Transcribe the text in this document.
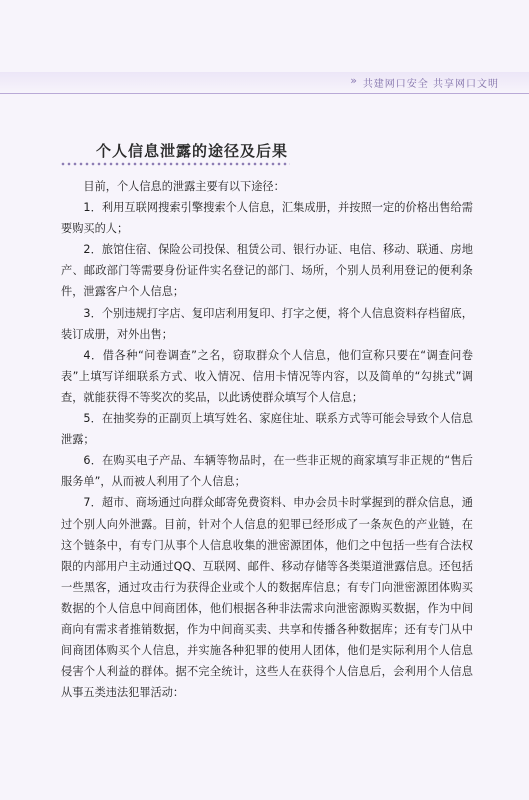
» 共建网口安全 共享网口文明
个人信息泄露的途径及后果

目前，个人信息的泄露主要有以下途径：

1．利用互联网搜索引擎搜索个人信息，汇集成册，并按照一定的价格出售给需要购买的人；

2．旅馆住宿、保险公司投保、租赁公司、银行办证、电信、移动、联通、房地产、邮政部门等需要身份证件实名登记的部门、场所，个别人员利用登记的便利条件，泄露客户个人信息；

3．个别违规打字店、复印店利用复印、打字之便，将个人信息资料存档留底，装订成册，对外出售；

4．借各种“问卷调查”之名，窃取群众个人信息，他们宣称只要在“调查问卷表”上填写详细联系方式、收入情况、信用卡情况等内容，以及简单的“勾挑式”调查，就能获得不等奖次的奖品，以此诱使群众填写个人信息；

5．在抽奖券的正副页上填写姓名、家庭住址、联系方式等可能会导致个人信息泄露；

6．在购买电子产品、车辆等物品时，在一些非正规的商家填写非正规的“售后服务单”，从而被人利用了个人信息；

7．超市、商场通过向群众邮寄免费资料、申办会员卡时掌握到的群众信息，通过个别人向外泄露。目前，针对个人信息的犯罪已经形成了一条灰色的产业链，在这个链条中，有专门从事个人信息收集的泄密源团体，他们之中包括一些有合法权限的内部用户主动通过QQ、互联网、邮件、移动存储等各类渠道泄露信息。还包括一些黑客，通过攻击行为获得企业或个人的数据库信息；有专门向泄密源团体购买数据的个人信息中间商团体，他们根据各种非法需求向泄密源购买数据，作为中间商向有需求者推销数据，作为中间商买卖、共享和传播各种数据库；还有专门从中间商团体购买个人信息，并实施各种犯罪的使用人团体，他们是实际利用个人信息侵害个人利益的群体。据不完全统计，这些人在获得个人信息后，会利用个人信息从事五类违法犯罪活动：
